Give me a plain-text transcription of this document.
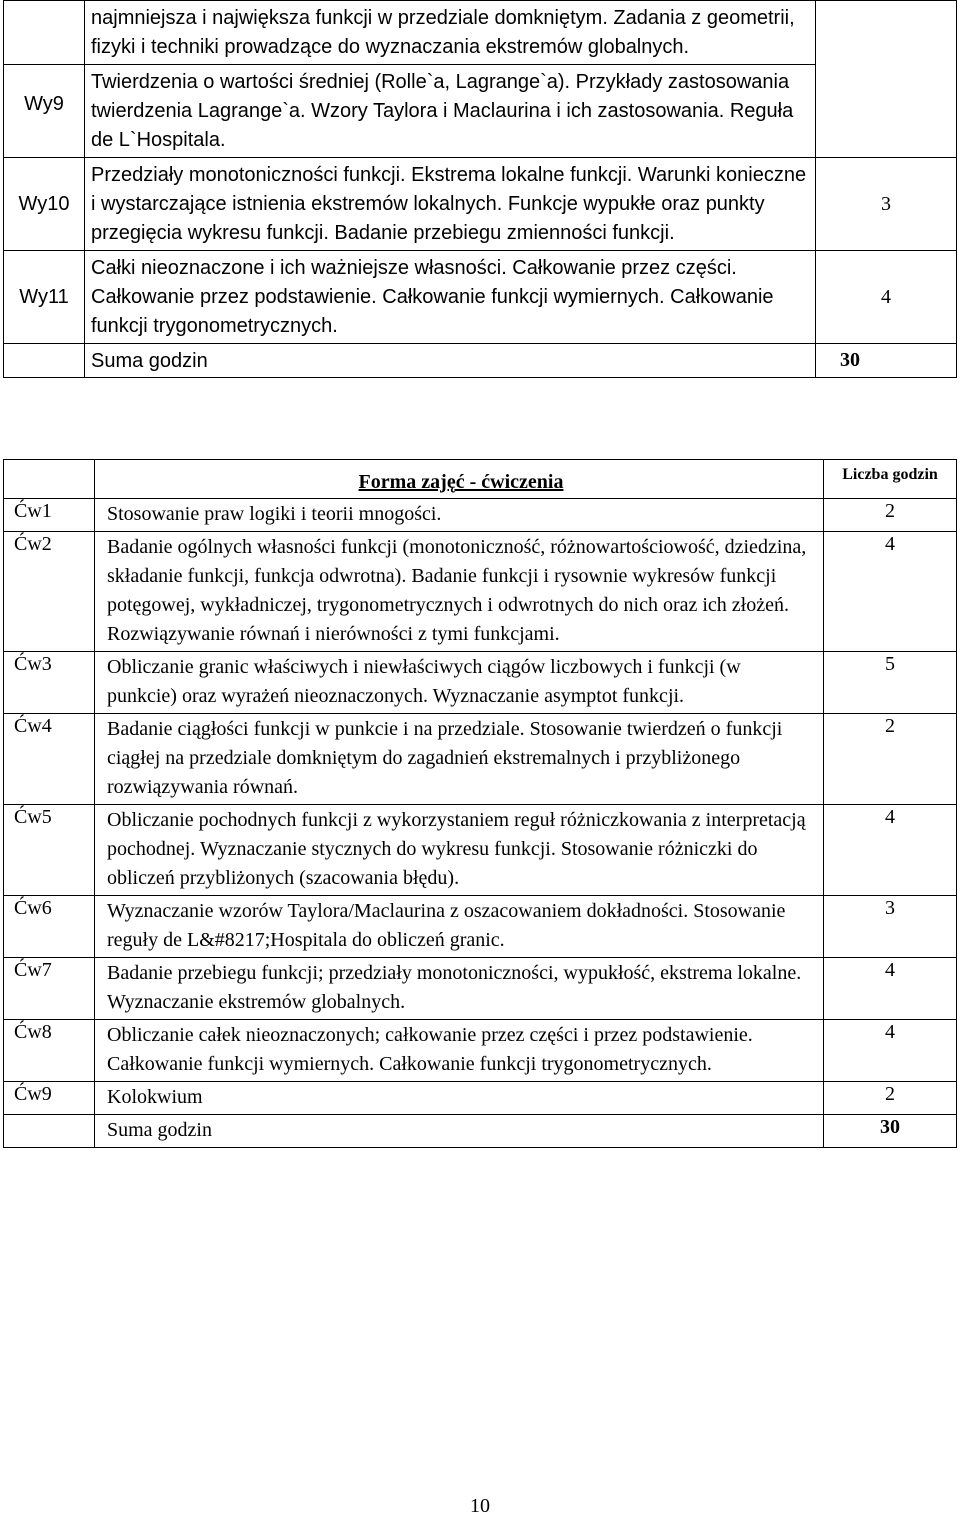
	najmniejsza i największa funkcji w przedziale domkniętym. Zadania z geometrii, fizyki i techniki prowadzące do wyznaczania ekstremów globalnych.	
Wy9	Twierdzenia o wartości średniej (Rolle`a, Lagrange`a). Przykłady zastosowania twierdzenia Lagrange`a. Wzory Taylora i Maclaurina i ich zastosowania. Reguła de L`Hospitala.	
Wy10	Przedziały monotoniczności funkcji. Ekstrema lokalne funkcji. Warunki konieczne i wystarczające istnienia ekstremów lokalnych. Funkcje wypukłe oraz punkty przegięcia wykresu funkcji. Badanie przebiegu zmienności funkcji.	3
Wy11	Całki nieoznaczone i ich ważniejsze własności. Całkowanie przez części. Całkowanie przez podstawienie. Całkowanie funkcji wymiernych. Całkowanie funkcji trygonometrycznych.	4
	Suma godzin	30
	Forma zajęć - ćwiczenia	Liczba godzin
Ćw1	Stosowanie praw logiki i teorii mnogości.	2
Ćw2	Badanie ogólnych własności funkcji (monotoniczność, różnowartościowość, dziedzina, składanie funkcji, funkcja odwrotna). Badanie funkcji i rysownie wykresów funkcji potęgowej, wykładniczej, trygonometrycznych i odwrotnych do nich oraz ich złożeń. Rozwiązywanie równań i nierówności z tymi funkcjami.	4
Ćw3	Obliczanie granic właściwych i niewłaściwych ciągów liczbowych i funkcji (w punkcie) oraz wyrażeń nieoznaczonych. Wyznaczanie asymptot funkcji.	5
Ćw4	Badanie ciągłości funkcji w punkcie i na przedziale. Stosowanie twierdzeń o funkcji ciągłej na przedziale domkniętym do zagadnień ekstremalnych i przybliżonego rozwiązywania równań.	2
Ćw5	Obliczanie pochodnych funkcji z wykorzystaniem reguł różniczkowania z interpretacją pochodnej. Wyznaczanie stycznych do wykresu funkcji. Stosowanie różniczki do obliczeń przybliżonych (szacowania błędu).	4
Ćw6	Wyznaczanie wzorów Taylora/Maclaurina z oszacowaniem dokładności. Stosowanie reguły de L&#8217;Hospitala do obliczeń granic.	3
Ćw7	Badanie przebiegu funkcji; przedziały monotoniczności, wypukłość, ekstrema lokalne. Wyznaczanie ekstremów globalnych.	4
Ćw8	Obliczanie całek nieoznaczonych; całkowanie przez części i przez podstawienie. Całkowanie funkcji wymiernych. Całkowanie funkcji trygonometrycznych.	4
Ćw9	Kolokwium	2
	Suma godzin	30
10
